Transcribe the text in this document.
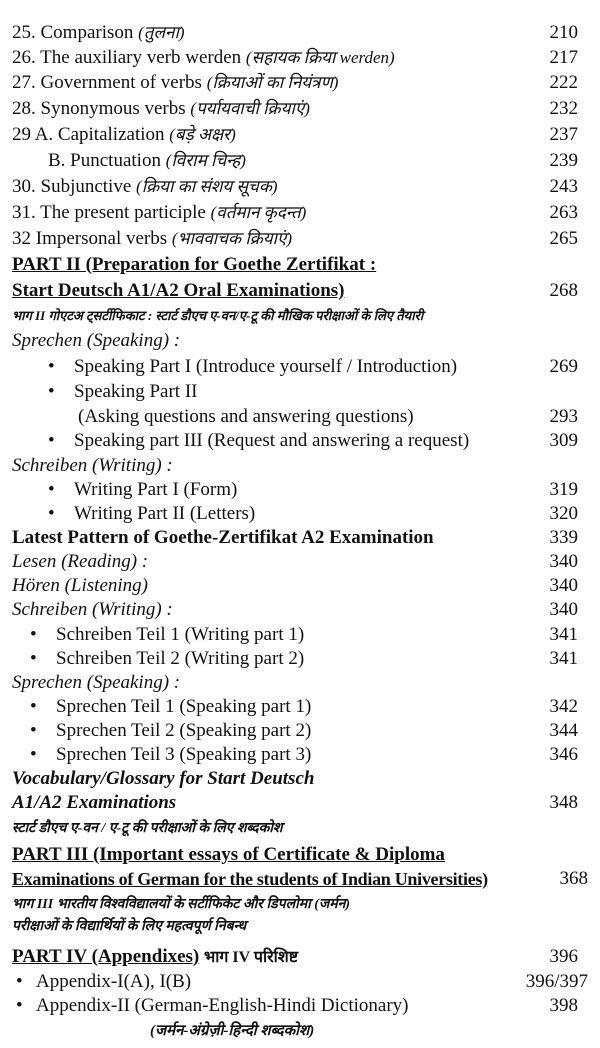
25. Comparison (तुलना)	210
26. The auxiliary verb werden (सहायक क्रिया werden)	217
27. Government of verbs (क्रियाओं का नियंत्रण)	222
28. Synonymous verbs (पर्यायवाची क्रियाएं)	232
29 A. Capitalization (बड़े अक्षर)	237
B. Punctuation (विराम चिन्ह)	239
30. Subjunctive (क्रिया का संशय सूचक)	243
31. The present participle (वर्तमान कृदन्त)	263
32 Impersonal verbs (भाववाचक क्रियाएं)	265
PART II (Preparation for Goethe Zertifikat :
Start Deutsch A1/A2 Oral Examinations)	268
भाग II गोएटअ ट्सर्टीफिकाट : स्टार्ट डौएच ए-वन/ए-टू की मौखिक परीक्षाओं के लिए तैयारी
Sprechen (Speaking) :
• Speaking Part I (Introduce yourself / Introduction)	269
• Speaking Part II
(Asking questions and answering questions)	293
• Speaking part III (Request and answering a request)	309
Schreiben (Writing) :
• Writing Part I (Form)	319
• Writing Part II (Letters)	320
Latest Pattern of Goethe-Zertifikat A2 Examination	339
Lesen (Reading) :	340
Hören (Listening)	340
Schreiben (Writing) :	340
• Schreiben Teil 1 (Writing part 1)	341
• Schreiben Teil 2 (Writing part 2)	341
Sprechen (Speaking) :
• Sprechen Teil 1 (Speaking part 1)	342
• Sprechen Teil 2 (Speaking part 2)	344
• Sprechen Teil 3 (Speaking part 3)	346
Vocabulary/Glossary for Start Deutsch
A1/A2 Examinations	348
स्टार्ट डौएच ए-वन / ए-टू की परीक्षाओं के लिए शब्दकोश
PART III (Important essays of Certificate & Diploma
Examinations of German for the students of Indian Universities)	368
भाग III भारतीय विश्वविद्यालयों के सर्टीफिकेट और डिपलोमा (जर्मन)
परीक्षाओं के विद्यार्थियों के लिए महत्वपूर्ण निबन्ध
PART IV (Appendixes) भाग IV परिशिष्ट	396
• Appendix-I(A), I(B)	396/397
• Appendix-II (German-English-Hindi Dictionary)	398
(जर्मन-अंग्रेज़ी-हिन्दी शब्दकोश)
